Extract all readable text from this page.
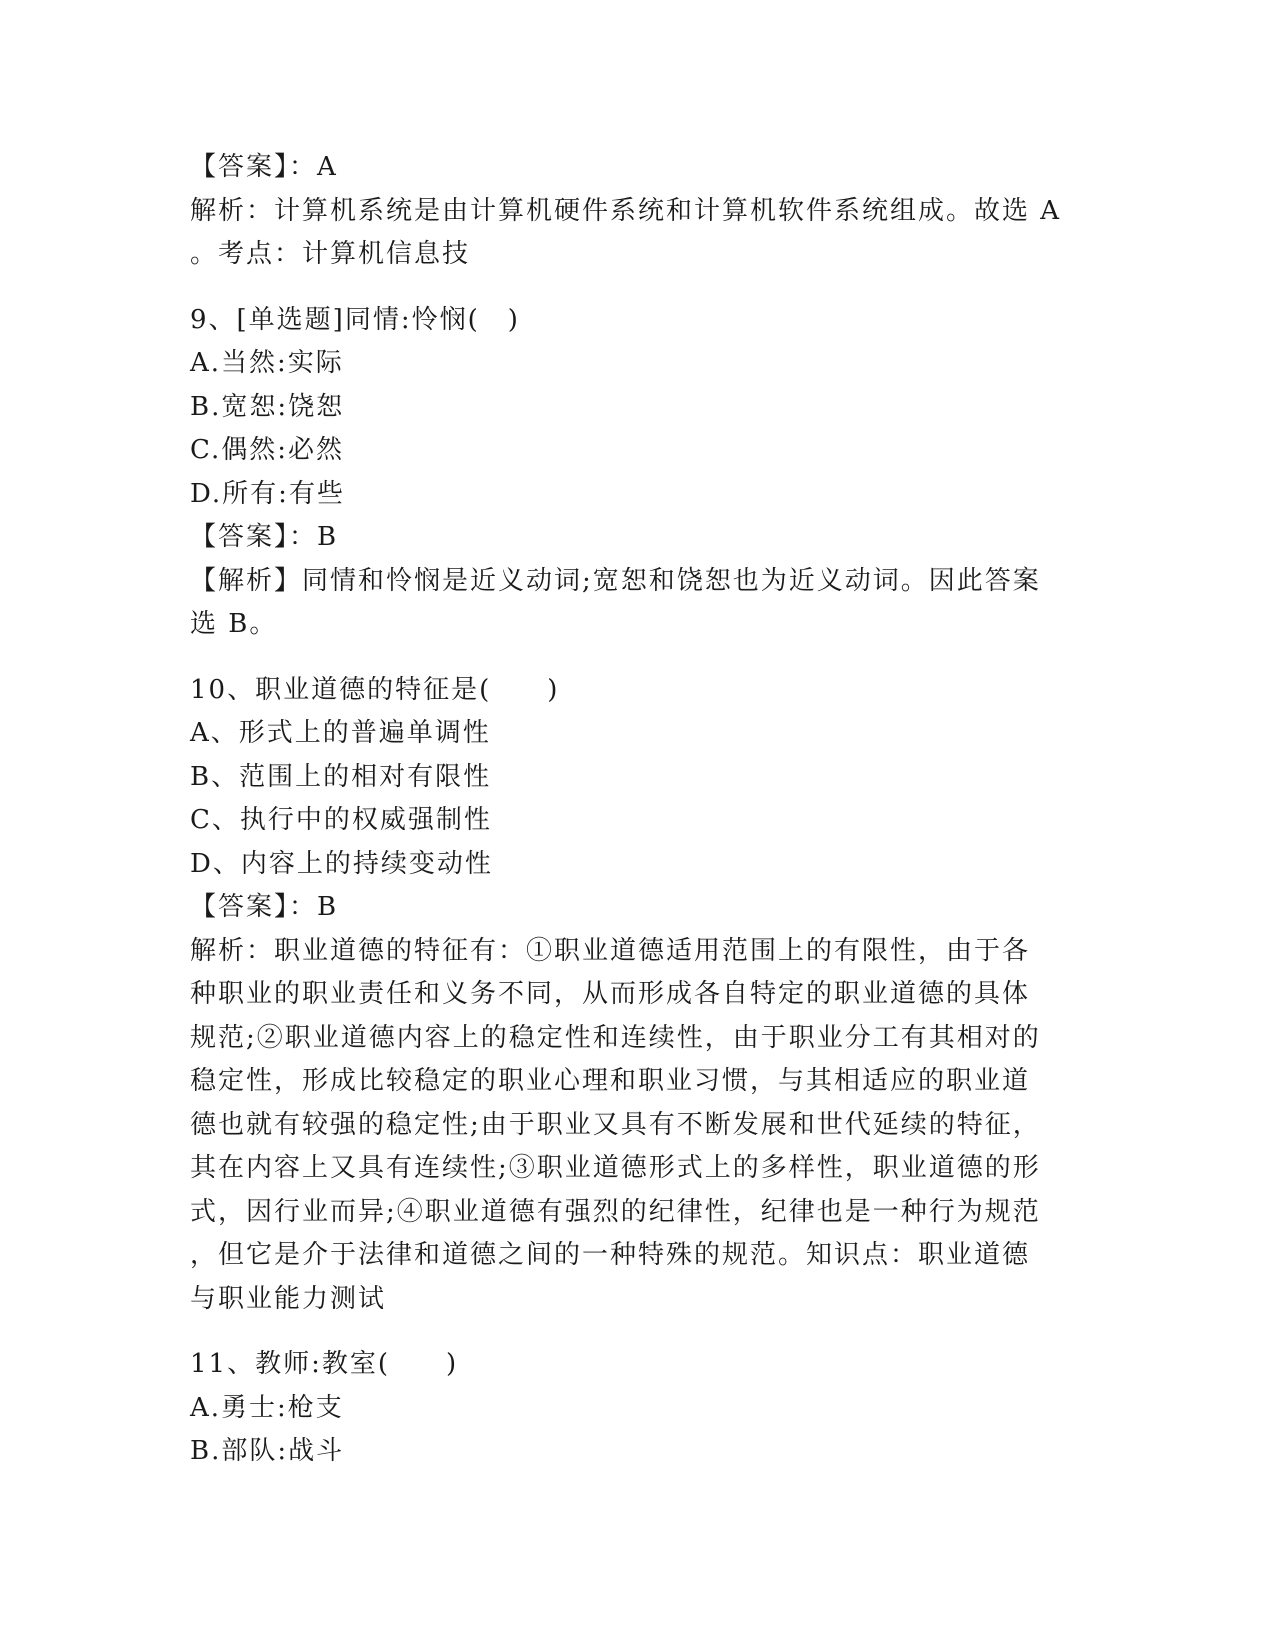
【答案】：A
解析：计算机系统是由计算机硬件系统和计算机软件系统组成。故选 A
。考点：计算机信息技
9、[单选题]同情:怜悯(　)
A.当然:实际
B.宽恕:饶恕
C.偶然:必然
D.所有:有些
【答案】：B
【解析】同情和怜悯是近义动词;宽恕和饶恕也为近义动词。因此答案
选 B。
10、职业道德的特征是(　　)
A、形式上的普遍单调性
B、范围上的相对有限性
C、执行中的权威强制性
D、内容上的持续变动性
【答案】：B
解析：职业道德的特征有：①职业道德适用范围上的有限性，由于各
种职业的职业责任和义务不同，从而形成各自特定的职业道德的具体
规范;②职业道德内容上的稳定性和连续性，由于职业分工有其相对的
稳定性，形成比较稳定的职业心理和职业习惯，与其相适应的职业道
德也就有较强的稳定性;由于职业又具有不断发展和世代延续的特征，
其在内容上又具有连续性;③职业道德形式上的多样性，职业道德的形
式，因行业而异;④职业道德有强烈的纪律性，纪律也是一种行为规范
，但它是介于法律和道德之间的一种特殊的规范。知识点：职业道德
与职业能力测试
11、教师:教室(　　)
A.勇士:枪支
B.部队:战斗
